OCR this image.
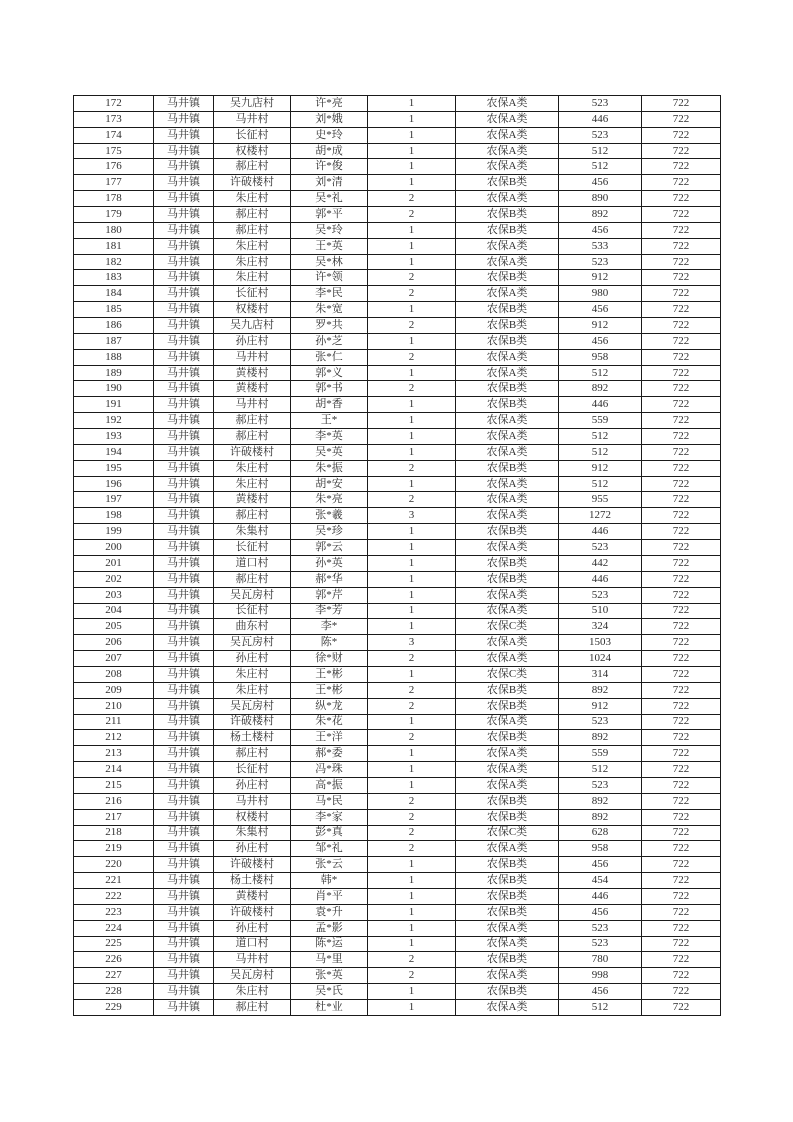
172	马井镇	吴九店村	许*亮	1	农保A类	523	722
173	马井镇	马井村	刘*娥	1	农保A类	446	722
174	马井镇	长征村	史*玲	1	农保A类	523	722
175	马井镇	权楼村	胡*成	1	农保A类	512	722
176	马井镇	郝庄村	许*俊	1	农保A类	512	722
177	马井镇	许破楼村	刘*清	1	农保B类	456	722
178	马井镇	朱庄村	吴*礼	2	农保A类	890	722
179	马井镇	郝庄村	郭*平	2	农保B类	892	722
180	马井镇	郝庄村	吴*玲	1	农保B类	456	722
181	马井镇	朱庄村	王*英	1	农保A类	533	722
182	马井镇	朱庄村	吴*林	1	农保A类	523	722
183	马井镇	朱庄村	许*领	2	农保B类	912	722
184	马井镇	长征村	李*民	2	农保A类	980	722
185	马井镇	权楼村	朱*宽	1	农保B类	456	722
186	马井镇	吴九店村	罗*共	2	农保B类	912	722
187	马井镇	孙庄村	孙*芝	1	农保B类	456	722
188	马井镇	马井村	张*仁	2	农保A类	958	722
189	马井镇	黄楼村	郭*义	1	农保A类	512	722
190	马井镇	黄楼村	郭*书	2	农保B类	892	722
191	马井镇	马井村	胡*香	1	农保B类	446	722
192	马井镇	郝庄村	王*	1	农保A类	559	722
193	马井镇	郝庄村	李*英	1	农保A类	512	722
194	马井镇	许破楼村	吴*英	1	农保A类	512	722
195	马井镇	朱庄村	朱*振	2	农保B类	912	722
196	马井镇	朱庄村	胡*安	1	农保A类	512	722
197	马井镇	黄楼村	朱*亮	2	农保A类	955	722
198	马井镇	郝庄村	张*羲	3	农保A类	1272	722
199	马井镇	朱集村	吴*珍	1	农保B类	446	722
200	马井镇	长征村	郭*云	1	农保A类	523	722
201	马井镇	道口村	孙*英	1	农保B类	442	722
202	马井镇	郝庄村	郝*华	1	农保B类	446	722
203	马井镇	吴瓦房村	郭*芹	1	农保A类	523	722
204	马井镇	长征村	李*芳	1	农保A类	510	722
205	马井镇	曲东村	李*	1	农保C类	324	722
206	马井镇	吴瓦房村	陈*	3	农保A类	1503	722
207	马井镇	孙庄村	徐*财	2	农保A类	1024	722
208	马井镇	朱庄村	王*彬	1	农保C类	314	722
209	马井镇	朱庄村	王*彬	2	农保B类	892	722
210	马井镇	吴瓦房村	纵*龙	2	农保B类	912	722
211	马井镇	许破楼村	朱*花	1	农保A类	523	722
212	马井镇	杨土楼村	王*洋	2	农保B类	892	722
213	马井镇	郝庄村	郝*委	1	农保A类	559	722
214	马井镇	长征村	冯*珠	1	农保A类	512	722
215	马井镇	孙庄村	高*振	1	农保A类	523	722
216	马井镇	马井村	马*民	2	农保B类	892	722
217	马井镇	权楼村	李*家	2	农保B类	892	722
218	马井镇	朱集村	彭*真	2	农保C类	628	722
219	马井镇	孙庄村	邹*礼	2	农保A类	958	722
220	马井镇	许破楼村	张*云	1	农保B类	456	722
221	马井镇	杨土楼村	韩*	1	农保B类	454	722
222	马井镇	黄楼村	肖*平	1	农保B类	446	722
223	马井镇	许破楼村	袁*升	1	农保B类	456	722
224	马井镇	孙庄村	孟*影	1	农保A类	523	722
225	马井镇	道口村	陈*运	1	农保A类	523	722
226	马井镇	马井村	马*里	2	农保B类	780	722
227	马井镇	吴瓦房村	张*英	2	农保A类	998	722
228	马井镇	朱庄村	吴*氏	1	农保B类	456	722
229	马井镇	郝庄村	杜*业	1	农保A类	512	722
